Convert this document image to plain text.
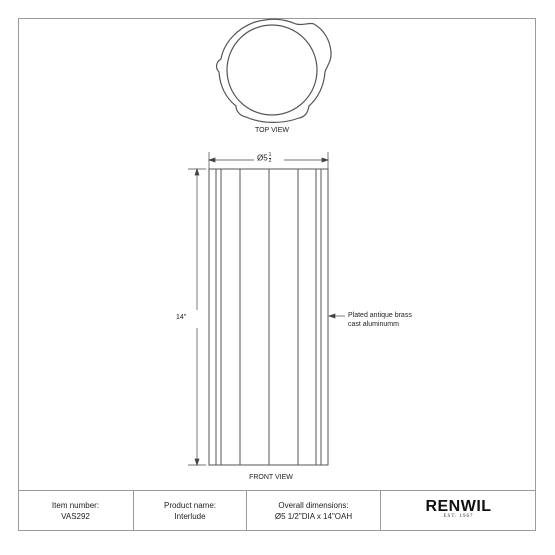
TOP VIEW
Ø5 $\frac{1}{2}$
14"	Plated antique brass
cast aluminumm
FRONT VIEW
Item number:
VAS292
Product name:
Interlude
Overall dimensions:
Ø5 1/2"DIA x 14"OAH
RENWIL
EST. 1967
